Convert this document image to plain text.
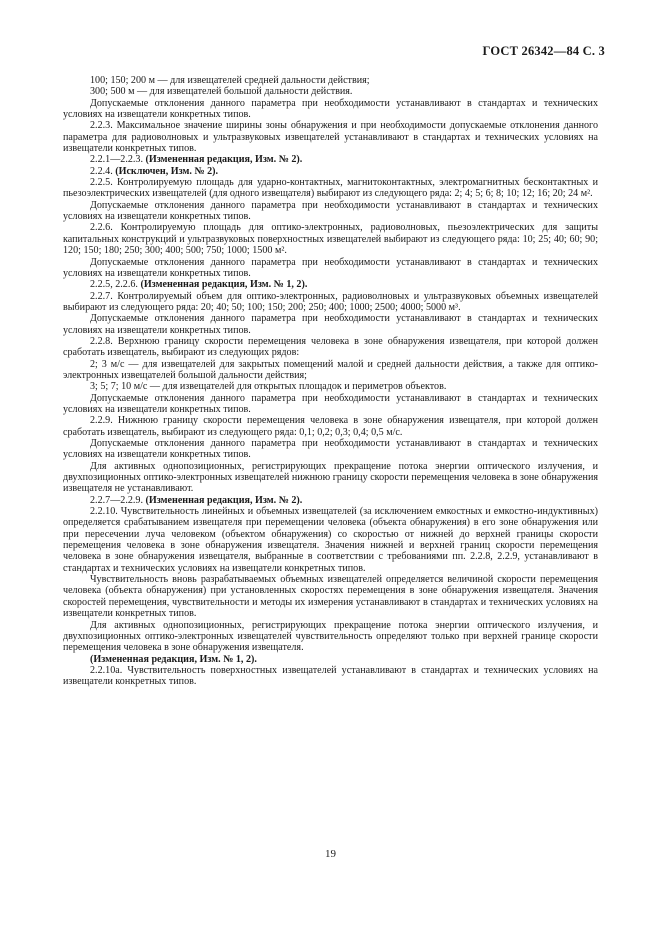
ГОСТ 26342—84 С. 3

100; 150; 200 м — для извещателей средней дальности действия;

300; 500 м — для извещателей большой дальности действия.

Допускаемые отклонения данного параметра при необходимости устанавливают в стандартах и технических условиях на извещатели конкретных типов.

2.2.3. Максимальное значение ширины зоны обнаружения и при необходимости допускаемые отклонения данного параметра для радиоволновых и ультразвуковых извещателей устанавливают в стандартах и технических условиях на извещатели конкретных типов.

2.2.1—2.2.3. (Измененная редакция, Изм. № 2).

2.2.4. (Исключен, Изм. № 2).

2.2.5. Контролируемую площадь для ударно-контактных, магнитоконтактных, электромагнитных бесконтактных и пьезоэлектрических извещателей (для одного извещателя) выбирают из следующего ряда: 2; 4; 5; 6; 8; 10; 12; 16; 20; 24 м².

Допускаемые отклонения данного параметра при необходимости устанавливают в стандартах и технических условиях на извещатели конкретных типов.

2.2.6. Контролируемую площадь для оптико-электронных, радиоволновых, пьезоэлектрических для защиты капитальных конструкций и ультразвуковых поверхностных извещателей выбирают из следующего ряда: 10; 25; 40; 60; 90; 120; 150; 180; 250; 300; 400; 500; 750; 1000; 1500 м².

Допускаемые отклонения данного параметра при необходимости устанавливают в стандартах и технических условиях на извещатели конкретных типов.

2.2.5, 2.2.6. (Измененная редакция, Изм. № 1, 2).

2.2.7. Контролируемый объем для оптико-электронных, радиоволновых и ультразвуковых объемных извещателей выбирают из следующего ряда: 20; 40; 50; 100; 150; 200; 250; 400; 1000; 2500; 4000; 5000 м³.

Допускаемые отклонения данного параметра при необходимости устанавливают в стандартах и технических условиях на извещатели конкретных типов.

2.2.8. Верхнюю границу скорости перемещения человека в зоне обнаружения извещателя, при которой должен сработать извещатель, выбирают из следующих рядов:

2; 3 м/с — для извещателей для закрытых помещений малой и средней дальности действия, а также для оптико-электронных извещателей большой дальности действия;

3; 5; 7; 10 м/с — для извещателей для открытых площадок и периметров объектов.

Допускаемые отклонения данного параметра при необходимости устанавливают в стандартах и технических условиях на извещатели конкретных типов.

2.2.9. Нижнюю границу скорости перемещения человека в зоне обнаружения извещателя, при которой должен сработать извещатель, выбирают из следующего ряда: 0,1; 0,2; 0,3; 0,4; 0,5 м/с.

Допускаемые отклонения данного параметра при необходимости устанавливают в стандартах и технических условиях на извещатели конкретных типов.

Для активных однопозиционных, регистрирующих прекращение потока энергии оптического излучения, и двухпозиционных оптико-электронных извещателей нижнюю границу скорости перемещения человека в зоне обнаружения извещателя не устанавливают.

2.2.7—2.2.9. (Измененная редакция, Изм. № 2).

2.2.10. Чувствительность линейных и объемных извещателей (за исключением емкостных и емкостно-индуктивных) определяется срабатыванием извещателя при перемещении человека (объекта обнаружения) в его зоне обнаружения или при пересечении луча человеком (объектом обнаружения) со скоростью от нижней до верхней границы скорости перемещения человека в зоне обнаружения извещателя. Значения нижней и верхней границ скорости перемещения человека в зоне обнаружения извещателя, выбранные в соответствии с требованиями пп. 2.2.8, 2.2.9, устанавливают в стандартах и технических условиях на извещатели конкретных типов.

Чувствительность вновь разрабатываемых объемных извещателей определяется величиной скорости перемещения человека (объекта обнаружения) при установленных скоростях перемещения в зоне обнаружения извещателя. Значения скоростей перемещения, чувствительности и методы их измерения устанавливают в стандартах и технических условиях на извещатели конкретных типов.

Для активных однопозиционных, регистрирующих прекращение потока энергии оптического излучения, и двухпозиционных оптико-электронных извещателей чувствительность определяют только при верхней границе скорости перемещения человека в зоне обнаружения извещателя.

(Измененная редакция, Изм. № 1, 2).

2.2.10а. Чувствительность поверхностных извещателей устанавливают в стандартах и технических условиях на извещатели конкретных типов.

19
